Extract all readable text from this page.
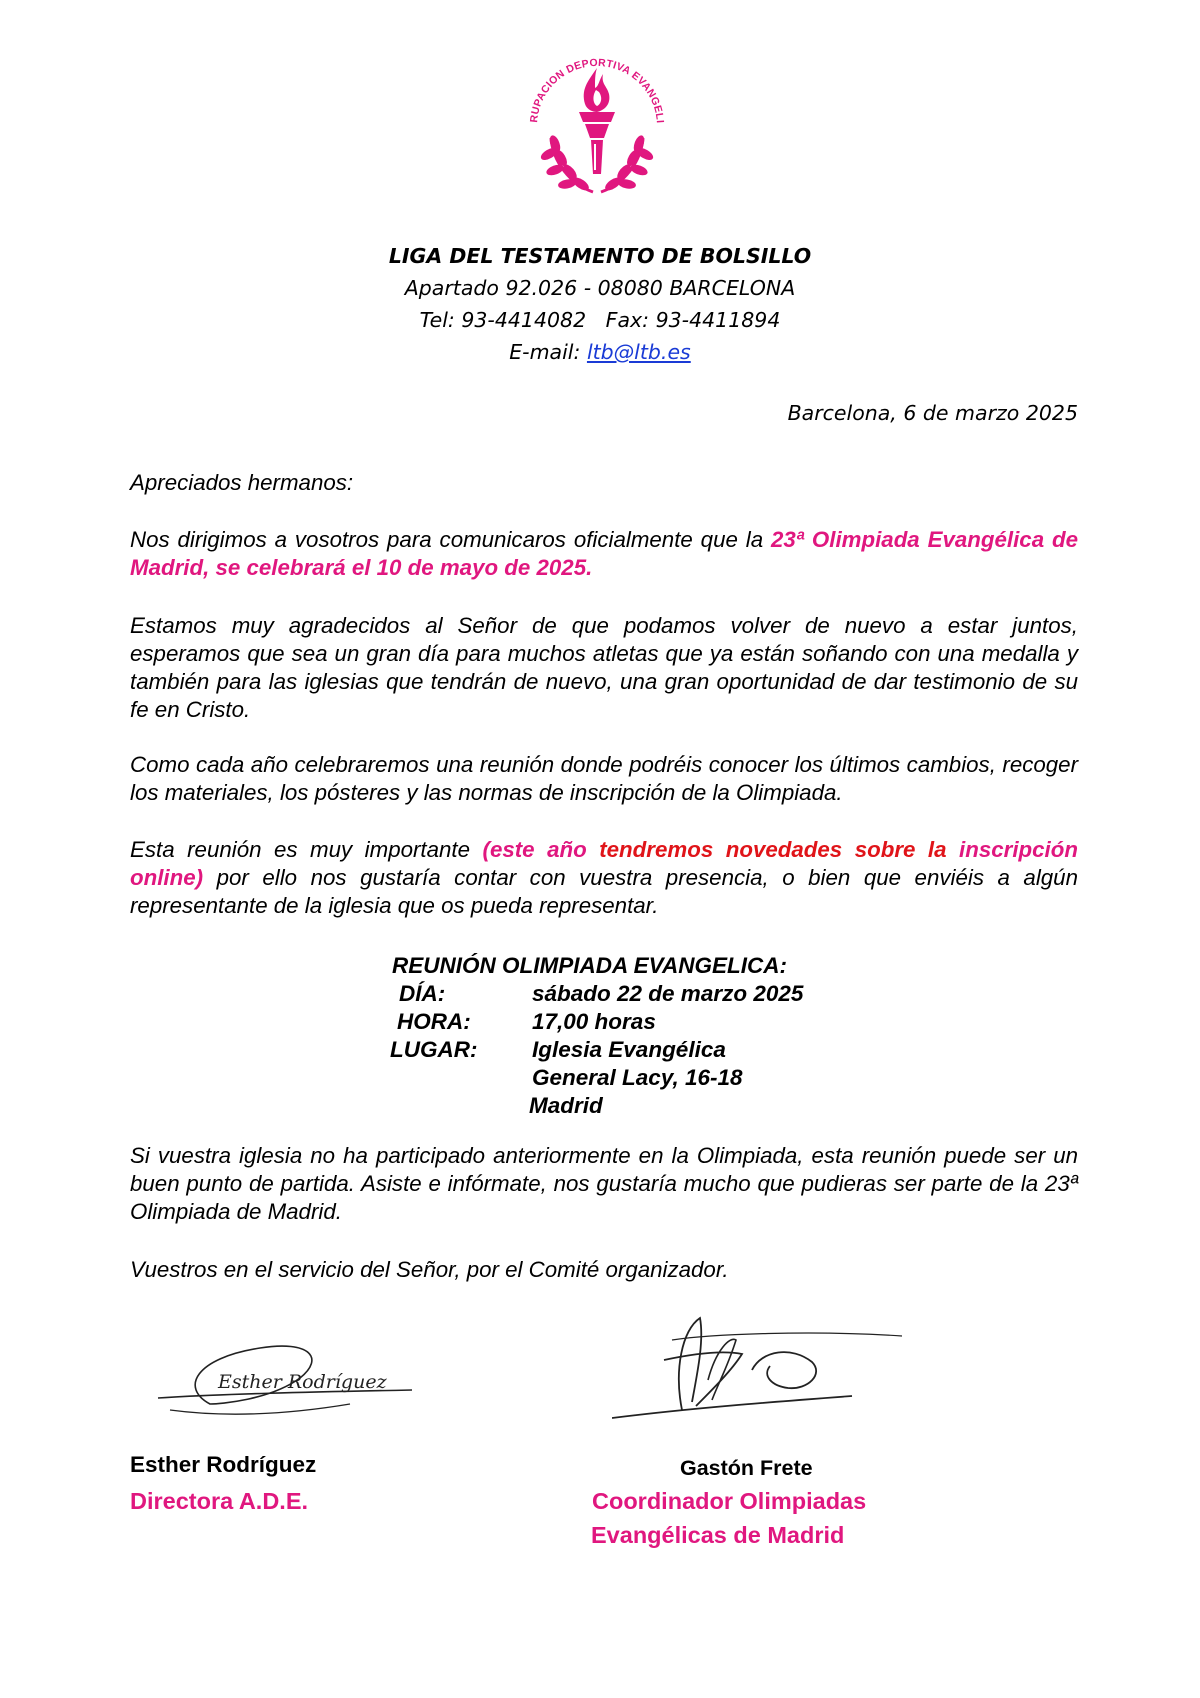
RUPACION DEPORTIVA EVANGELI
LIGA DEL TESTAMENTO DE BOLSILLO
Apartado 92.026 - 08080 BARCELONA
Tel: 93-4414082   Fax: 93-4411894
E-mail: ltb@ltb.es
Barcelona, 6 de marzo 2025
Apreciados hermanos:
Nos dirigimos a vosotros para comunicaros oficialmente que la 23ª Olimpiada Evangélica de Madrid, se celebrará el 10 de mayo de 2025.
Estamos muy agradecidos al Señor de que podamos volver de nuevo a estar juntos, esperamos que sea un gran día para muchos atletas que ya están soñando con una medalla y también para las iglesias que tendrán de nuevo, una gran oportunidad de dar testimonio de su fe en Cristo.
Como cada año celebraremos una reunión donde podréis conocer los últimos cambios, recoger los materiales, los pósteres y las normas de inscripción de la Olimpiada.
Esta reunión es muy importante (este año tendremos novedades sobre la inscripción online) por ello nos gustaría contar con vuestra presencia, o bien que enviéis a algún representante de la iglesia que os pueda representar.
REUNIÓN OLIMPIADA EVANGELICA:
DÍA:	sábado 22 de marzo 2025
HORA:	17,00 horas
LUGAR: Iglesia Evangélica
General Lacy, 16-18
Madrid
Si vuestra iglesia no ha participado anteriormente en la Olimpiada, esta reunión puede ser un buen punto de partida. Asiste e infórmate, nos gustaría mucho que pudieras ser parte de la 23ª Olimpiada de Madrid.
Vuestros en el servicio del Señor, por el Comité organizador.
Esther Rodríguez
Esther Rodríguez
Directora A.D.E.
Gastón Frete
Coordinador Olimpiadas
Evangélicas de Madrid
